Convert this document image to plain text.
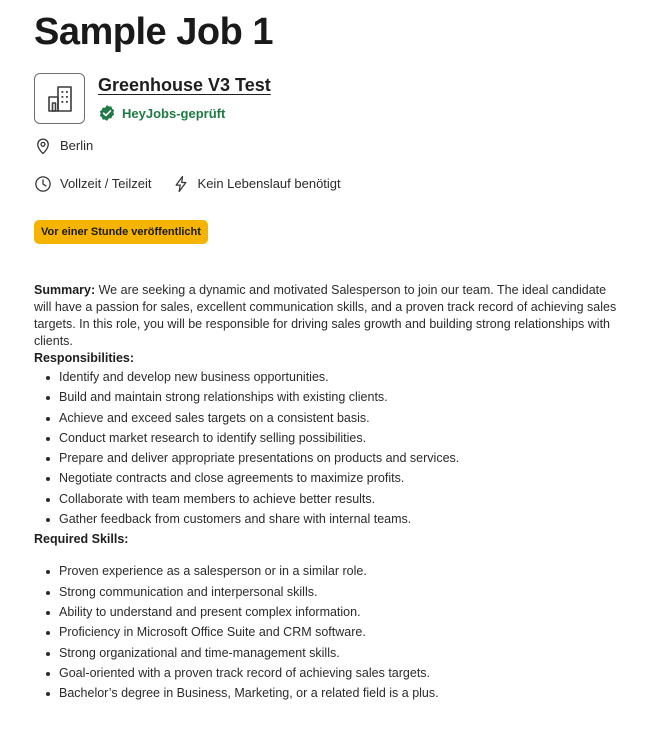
Sample Job 1
Greenhouse V3 Test
HeyJobs-geprüft
Berlin
Vollzeit / Teilzeit	Kein Lebenslauf benötigt
Vor einer Stunde veröffentlicht

Summary: We are seeking a dynamic and motivated Salesperson to join our team. The ideal candidate will have a passion for sales, excellent communication skills, and a proven track record of achieving sales targets. In this role, you will be responsible for driving sales growth and building strong relationships with clients.

Responsibilities:

Identify and develop new business opportunities.
Build and maintain strong relationships with existing clients.
Achieve and exceed sales targets on a consistent basis.
Conduct market research to identify selling possibilities.
Prepare and deliver appropriate presentations on products and services.
Negotiate contracts and close agreements to maximize profits.
Collaborate with team members to achieve better results.
Gather feedback from customers and share with internal teams.

Required Skills:

Proven experience as a salesperson or in a similar role.
Strong communication and interpersonal skills.
Ability to understand and present complex information.
Proficiency in Microsoft Office Suite and CRM software.
Strong organizational and time-management skills.
Goal-oriented with a proven track record of achieving sales targets.
Bachelor’s degree in Business, Marketing, or a related field is a plus.
